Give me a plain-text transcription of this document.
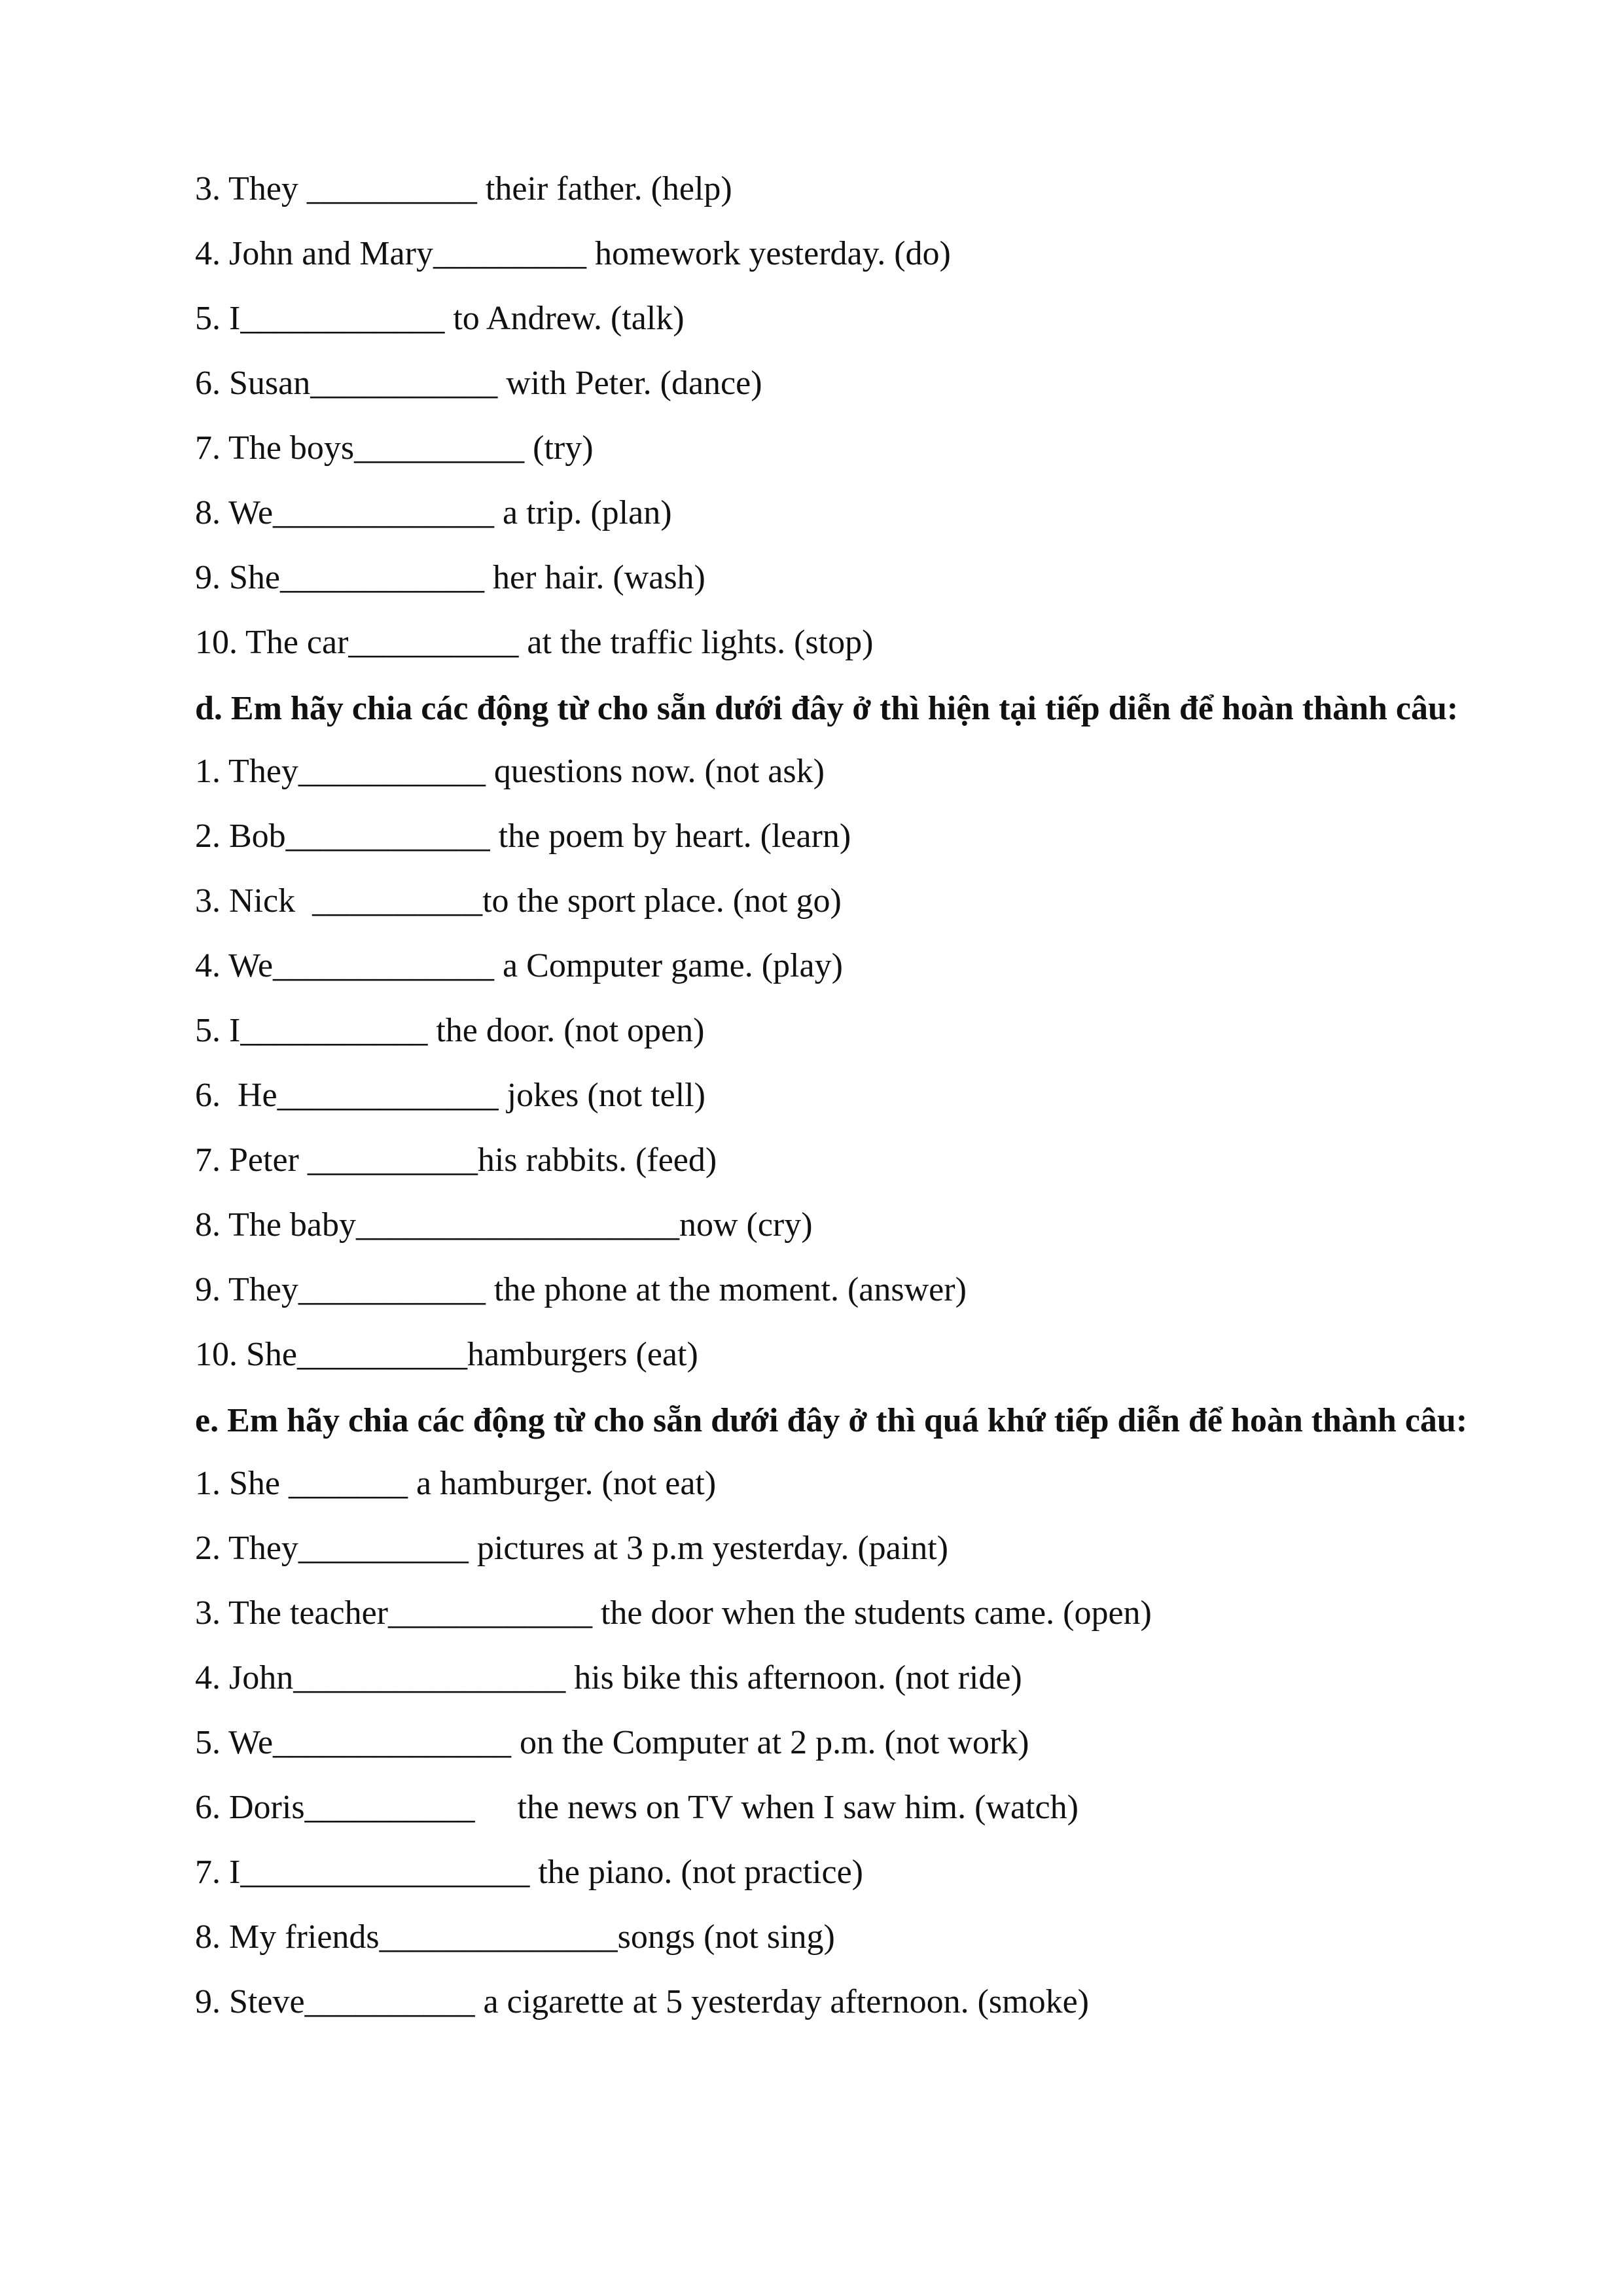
3. They __________ their father. (help)
4. John and Mary_________ homework yesterday. (do)
5. I____________ to Andrew. (talk)
6. Susan___________ with Peter. (dance)
7. The boys__________ (try)
8. We_____________ a trip. (plan)
9. She____________ her hair. (wash)
10. The car__________ at the traffic lights. (stop)
d. Em hãy chia các động từ cho sẵn dưới đây ở thì hiện tại tiếp diễn để hoàn thành câu:
1. They___________ questions now. (not ask)
2. Bob____________ the poem by heart. (learn)
3. Nick  __________to the sport place. (not go)
4. We_____________ a Computer game. (play)
5. I___________ the door. (not open)
6.  He_____________ jokes (not tell)
7. Peter __________his rabbits. (feed)
8. The baby___________________now (cry)
9. They___________ the phone at the moment. (answer)
10. She__________hamburgers (eat)
e. Em hãy chia các động từ cho sẵn dưới đây ở thì quá khứ tiếp diễn để hoàn thành câu:
1. She _______ a hamburger. (not eat)
2. They__________ pictures at 3 p.m yesterday. (paint)
3. The teacher____________ the door when the students came. (open)
4. John________________ his bike this afternoon. (not ride)
5. We______________ on the Computer at 2 p.m. (not work)
6. Doris__________     the news on TV when I saw him. (watch)
7. I_________________ the piano. (not practice)
8. My friends______________songs (not sing)
9. Steve__________ a cigarette at 5 yesterday afternoon. (smoke)
